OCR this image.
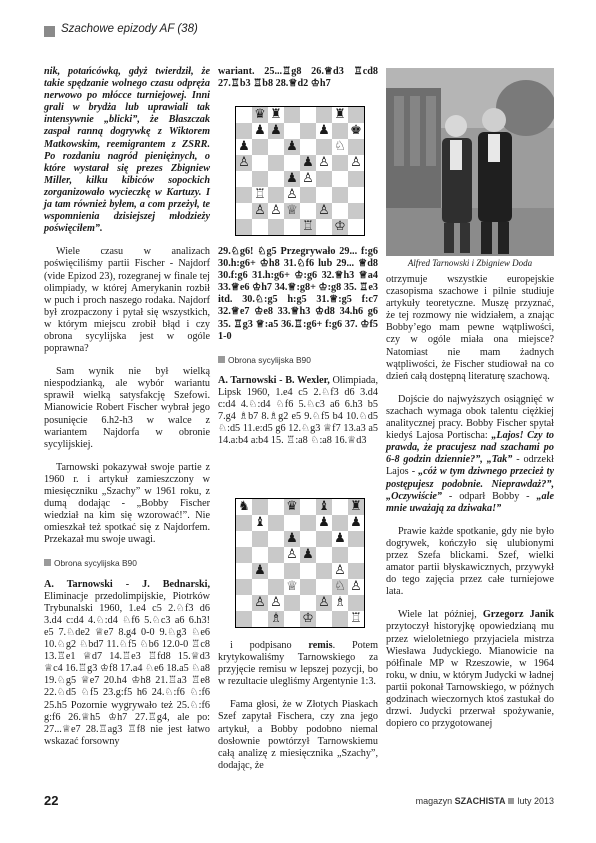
Szachowe epizody AF (38)

nik, potańcówką, gdyż twierdził, że takie spędzanie wolnego czasu odpręża nerwowo po młócce turniejowej. Inni grali w brydża lub uprawiali tak intensywnie „blicki”, że Błaszczak zaspał ranną dogrywkę z Wiktorem Matkowskim, reemigrantem z ZSRR. Po rozdaniu nagród pieniężnych, o które wystarał się prezes Zbigniew Miller, kilku kibiców sopockich zorganizowało wycieczkę w Kartuzy. I ja tam również byłem, a com przeżył, te wspomnienia dzisiejszej młodzieży poświęciłem”.

Wiele czasu w analizach poświęciliśmy partii Fischer - Najdorf (vide Epizod 23), rozegranej w finale tej olimpiady, w której Amerykanin rozbił w puch i proch naszego rodaka. Najdorf był zrozpaczony i pytał się wszystkich, w którym miejscu zrobił błąd i czy obrona sycylijska jest w ogóle poprawna?

Sam wynik nie był wielką niespodzianką, ale wybór wariantu sprawił wielką satysfakcję Szefowi. Mianowicie Robert Fischer wybrał jego posunięcie 6.h2-h3 w walce z wariantem Najdorfa w obronie sycylijskiej.

Tarnowski pokazywał swoje partie z 1960 r. i artykuł zamieszczony w miesięczniku „Szachy” w 1961 roku, z dumą dodając - „Bobby Fischer wiedział na kim się wzorować!”. Nie omieszkał też spotkać się z Najdorfem. Przekazał mu swoje uwagi.

Obrona sycylijska B90

A. Tarnowski - J. Bednarski, Eliminacje przedolimpijskie, Piotrków Trybunalski 1960, 1.e4 c5 2.♘f3 d6 3.d4 c:d4 4.♘:d4 ♘f6 5.♘c3 a6 6.h3! e5 7.♘de2 ♕e7 8.g4 0-0 9.♘g3 ♘e6 10.♘g2 ♘bd7 11.♘f5 ♘b6 12.0-0 ♖c8 13.♖e1 ♕d7 14.♖e3 ♖fd8 15.♕d3 ♕c4 16.♖g3 ♔f8 17.a4 ♘e6 18.a5 ♘a8 19.♘g5 ♕e7 20.h4 ♔h8 21.♖a3 ♖e8 22.♘d5 ♘f5 23.g:f5 h6 24.♘:f6 ♘:f6 25.h5 Pozornie wygrywało też 25.♘:f6 g:f6 26.♕h5 ♔h7 27.♖g4, ale po: 27...♕e7 28.♖ag3 ♖f8 nie jest łatwo wskazać forsowny

wariant. 25...♖g8 26.♕d3 ♖cd8 27.♖b3 ♖b8 28.♕d2 ♔h7

♛ ♜	♜
♟ ♟	♟ ♚
♟	♟	♘
♙	♟ ♙ ♙
♟ ♙
♖ ♙
♙ ♙ ♕ ♙
♖ ♔

29.♘g6! ♘g5 Przegrywało 29... f:g6 30.h:g6+ ♔h8 31.♘f6 lub 29... ♕d8 30.f:g6 31.h:g6+ ♔:g6 32.♕h3 ♕a4 33.♕e6 ♔h7 34.♕:g8+ ♔:g8 35. ♖e3 itd. 30.♘:g5 h:g5 31.♕:g5 f:c7 32.♕e7 ♔e8 33.♕h3 ♔d8 34.h6 g6 35. ♖g3 ♕:a5 36.♖:g6+ f:g6 37. ♔f5 1-0

Obrona sycylijska B90

A. Tarnowski - B. Wexler, Olimpiada, Lipsk 1960, 1.e4 c5 2.♘f3 d6 3.d4 c:d4 4.♘:d4 ♘f6 5.♘c3 a6 6.h3 b5 7.g4 ♗b7 8.♗g2 e5 9.♘f5 b4 10.♘d5 ♘:d5 11.e:d5 g6 12.♘g3 ♕f7 13.a3 a5 14.a:b4 a:b4 15. ♖:a8 ♘:a8 16.♕d3

♞	♛ ♝ ♜
♝	♟ ♟
♟	♟
♙ ♟
♟	♙
♕	♘ ♙
♙ ♙	♙ ♗
♗ ♔	♖

i podpisano remis. Potem krytykowaliśmy Tarnowskiego za przyjęcie remisu w lepszej pozycji, bo w rezultacie ulegliśmy Argentynie 1:3.

Fama głosi, że w Złotych Piaskach Szef zapytał Fischera, czy zna jego artykuł, a Bobby podobno niemal dosłownie powtórzył Tarnowskiemu całą analizę z miesięcznika „Szachy”, dodając, że

Alfred Tarnowski i Zbigniew Doda

otrzymuje wszystkie europejskie czasopisma szachowe i pilnie studiuje artykuły teoretyczne. Muszę przyznać, że tej rozmowy nie widziałem, a znając Bobby’ego mam pewne wątpliwości, czy w ogóle miała ona miejsce? Natomiast nie mam żadnych wątpliwości, że Fischer studiował na co dzień całą dostępną literaturę szachową.

Dojście do najwyższych osiągnięć w szachach wymaga obok talentu ciężkiej analitycznej pracy. Bobby Fischer spytał kiedyś Lajosa Portischa: „Lajos! Czy to prawda, że pracujesz nad szachami po 6-8 godzin dziennie?”, „Tak” - odrzekł Lajos - „cóż w tym dziwnego przecież ty postępujesz podobnie. Nieprawdaż?”, „Oczywiście” - odparł Bobby - „ale mnie uważają za dziwaka!”

Prawie każde spotkanie, gdy nie było dogrywek, kończyło się ulubionymi przez Szefa blickami. Szef, wielki amator partii błyskawicznych, przywykł do tego zajęcia przez całe turniejowe lata.

Wiele lat później, Grzegorz Janik przytoczył historyjkę opowiedzianą mu przez wieloletniego przyjaciela mistrza Wiesława Judyckiego. Mianowicie na półfinale MP w Rzeszowie, w 1964 roku, w dniu, w którym Judycki w ładnej partii pokonał Tarnowskiego, w późnych godzinach wieczornych ktoś zastukał do drzwi. Judycki przerwał spożywanie, dopiero co przygotowanej

22	magazyn SZACHISTA luty 2013
